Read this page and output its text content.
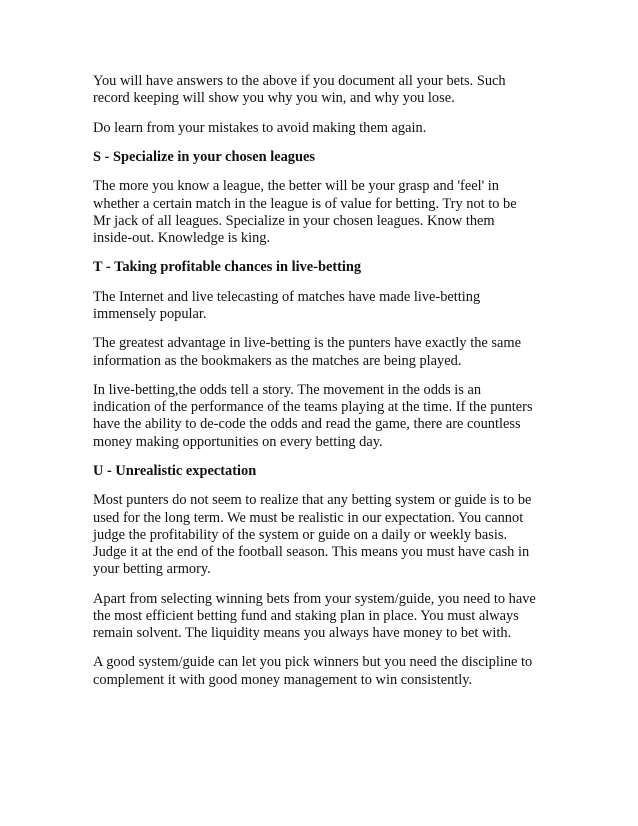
You will have answers to the above if you document all your bets. Such
record keeping will show you why you win, and why you lose.

Do learn from your mistakes to avoid making them again.

S - Specialize in your chosen leagues

The more you know a league, the better will be your grasp and 'feel' in
whether a certain match in the league is of value for betting. Try not to be
Mr jack of all leagues. Specialize in your chosen leagues. Know them
inside-out. Knowledge is king.

T - Taking profitable chances in live-betting

The Internet and live telecasting of matches have made live-betting
immensely popular.

The greatest advantage in live-betting is the punters have exactly the same
information as the bookmakers as the matches are being played.

In live-betting,the odds tell a story. The movement in the odds is an
indication of the performance of the teams playing at the time. If the punters
have the ability to de-code the odds and read the game, there are countless
money making opportunities on every betting day.

U - Unrealistic expectation

Most punters do not seem to realize that any betting system or guide is to be
used for the long term. We must be realistic in our expectation. You cannot
judge the profitability of the system or guide on a daily or weekly basis.
Judge it at the end of the football season. This means you must have cash in
your betting armory.

Apart from selecting winning bets from your system/guide, you need to have
the most efficient betting fund and staking plan in place. You must always
remain solvent. The liquidity means you always have money to bet with.

A good system/guide can let you pick winners but you need the discipline to
complement it with good money management to win consistently.
